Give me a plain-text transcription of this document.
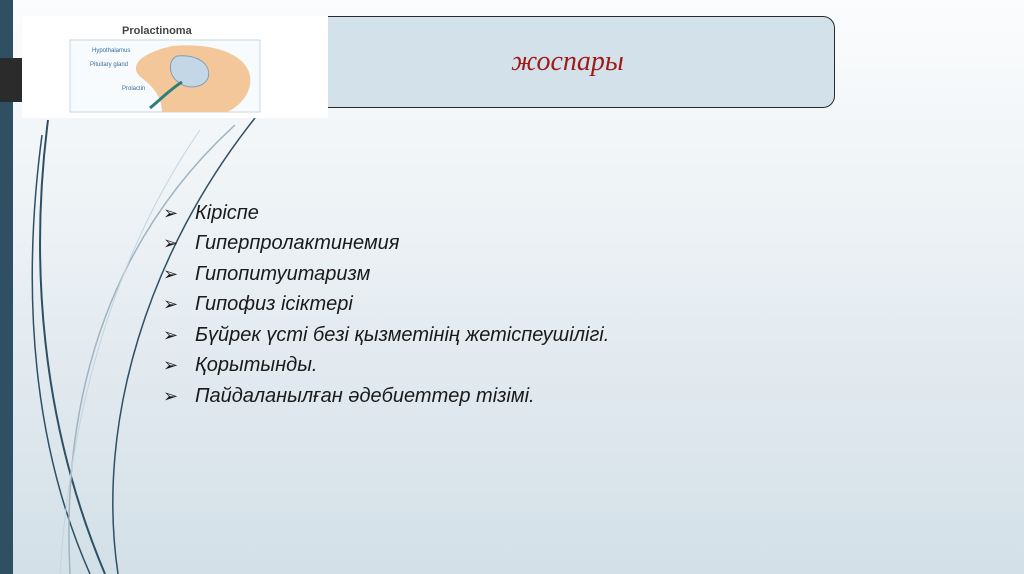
жоспары
Prolactinoma
Hypothalamus
Pituitary gland
Prolactin
➢ Кіріспе
➢ Гиперпролактинемия
➢ Гипопитуитаризм
➢ Гипофиз ісіктері
➢ Бүйрек үсті безі қызметінің жетіспеушілігі.
➢ Қорытынды.
➢ Пайдаланылған әдебиеттер тізімі.
